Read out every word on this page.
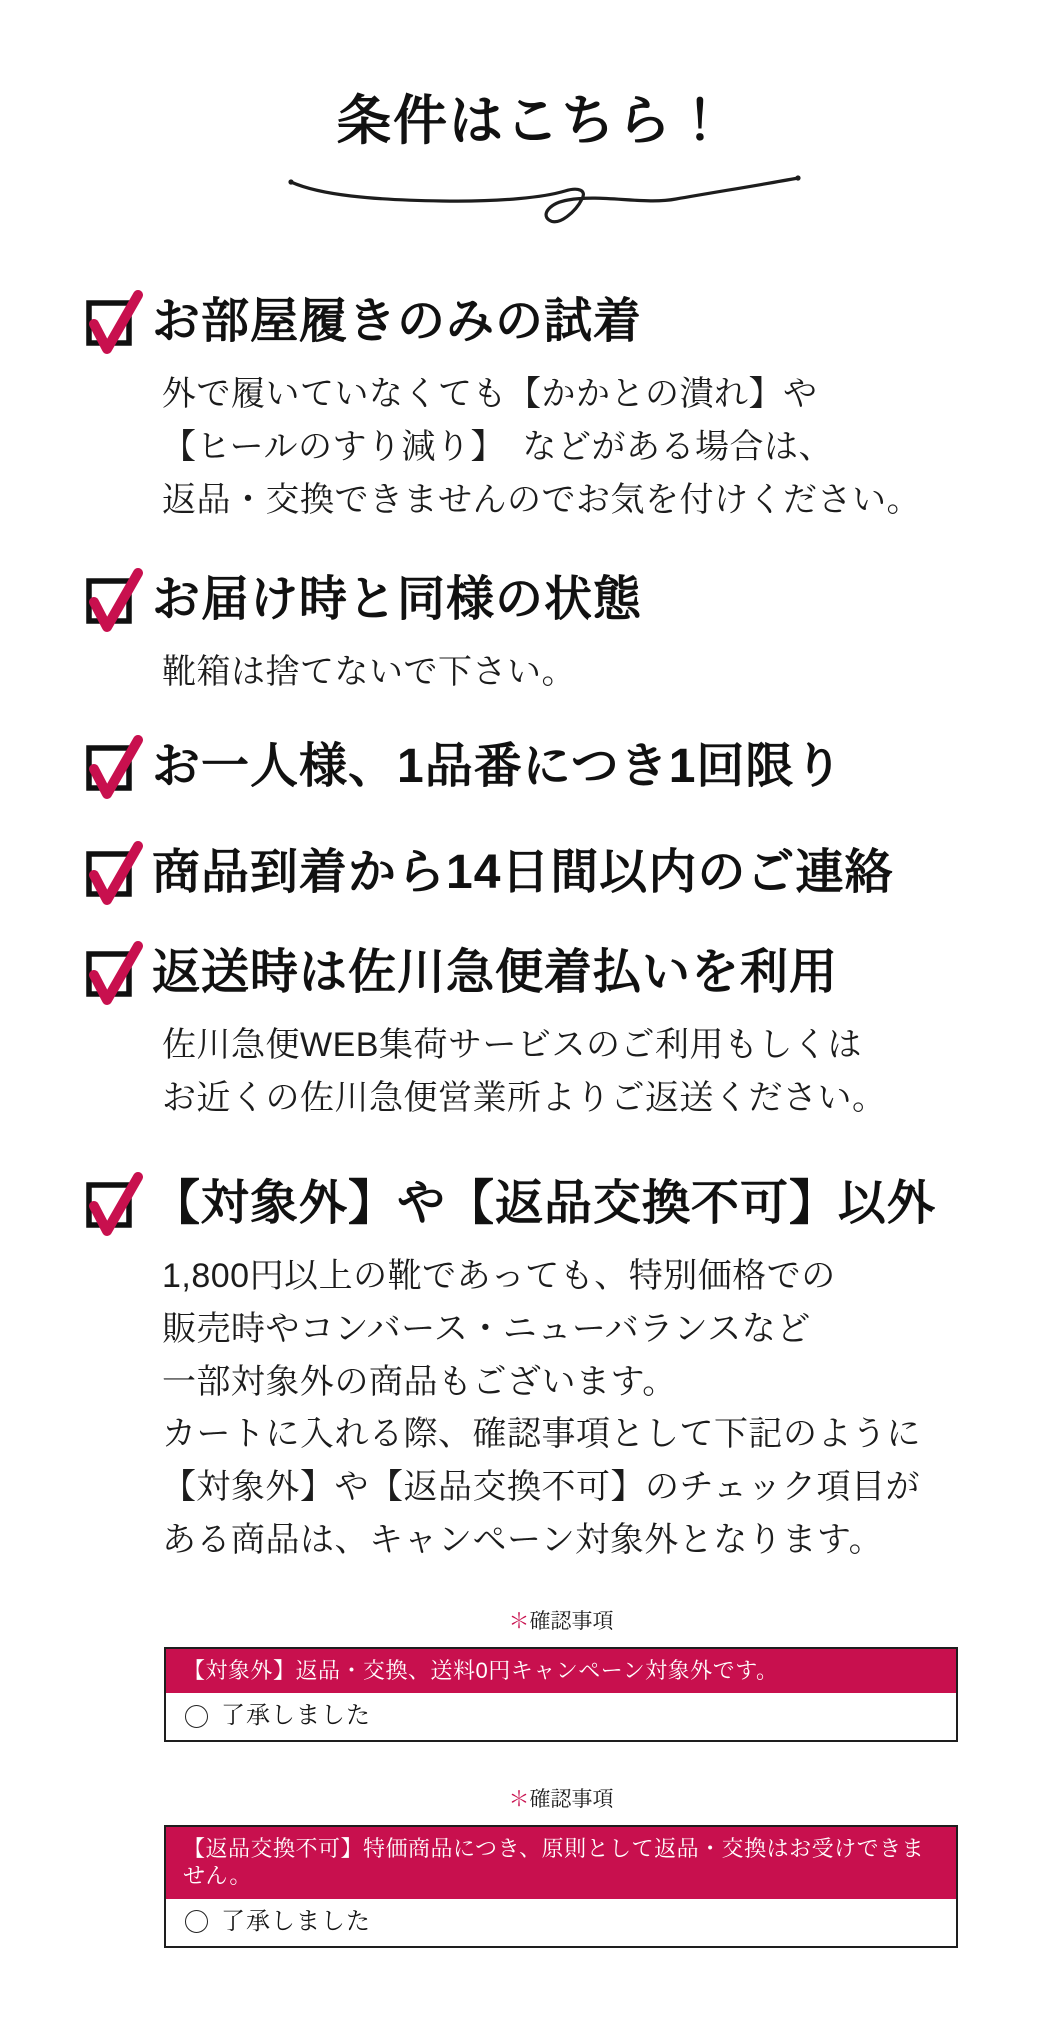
条件はこちら！
お部屋履きのみの試着
外で履いていなくても【かかとの潰れ】や
【ヒールのすり減り】　などがある場合は、
返品・交換できませんのでお気を付けください。
お届け時と同様の状態
靴箱は捨てないで下さい。
お一人様、1品番につき1回限り
商品到着から14日間以内のご連絡
返送時は佐川急便着払いを利用
佐川急便WEB集荷サービスのご利用もしくは
お近くの佐川急便営業所よりご返送ください。
【対象外】や【返品交換不可】以外
1,800円以上の靴であっても、特別価格での
販売時やコンバース・ニューバランスなど
一部対象外の商品もございます。
カートに入れる際、確認事項として下記のように
【対象外】や【返品交換不可】のチェック項目が
ある商品は、キャンペーン対象外となります。
＊確認事項
【対象外】返品・交換、送料0円キャンペーン対象外です。
了承しました
＊確認事項
【返品交換不可】特価商品につき、原則として返品・交換はお受けできません。
了承しました
